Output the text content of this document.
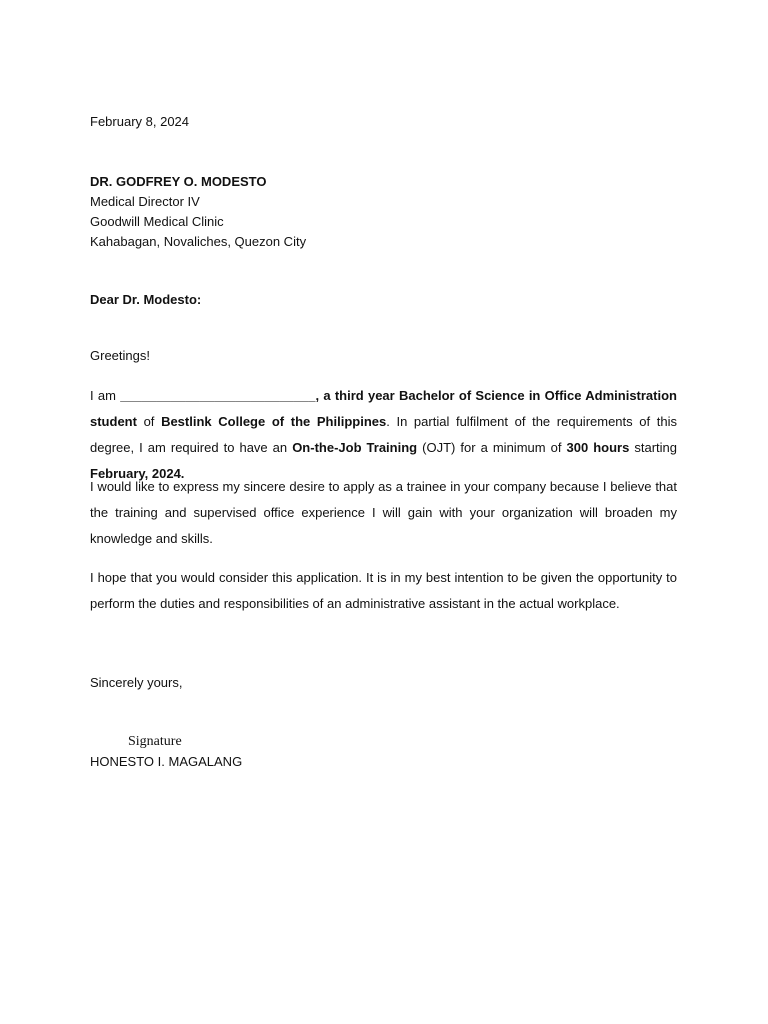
February 8, 2024

DR. GODFREY O. MODESTO

Medical Director IV

Goodwill Medical Clinic

Kahabagan, Novaliches, Quezon City

Dear Dr. Modesto:

Greetings!

I am ___________________________, a third year Bachelor of Science in Office Administration student of Bestlink College of the Philippines. In partial fulfilment of the requirements of this degree, I am required to have an On-the-Job Training (OJT) for a minimum of 300 hours starting February, 2024.

I would like to express my sincere desire to apply as a trainee in your company because I believe that the training and supervised office experience I will gain with your organization will broaden my knowledge and skills.

I hope that you would consider this application. It is in my best intention to be given the opportunity to perform the duties and responsibilities of an administrative assistant in the actual workplace.

Sincerely yours,

Signature

HONESTO I. MAGALANG
